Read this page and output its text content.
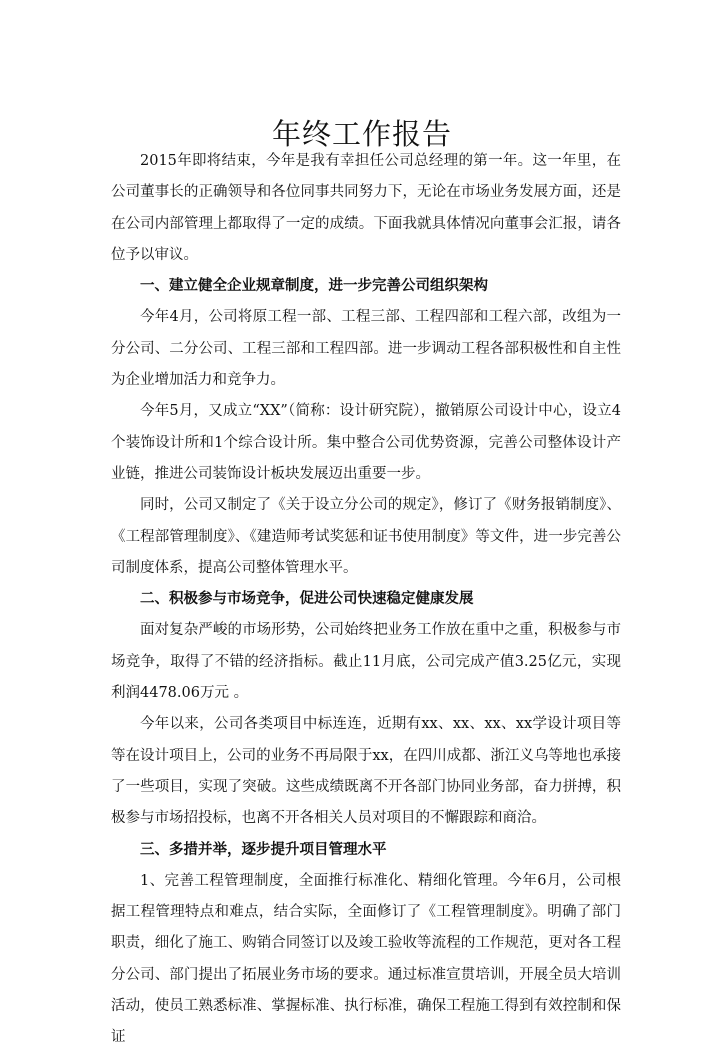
年终工作报告

2015年即将结束，今年是我有幸担任公司总经理的第一年。这一年里，在公司董事长的正确领导和各位同事共同努力下，无论在市场业务发展方面，还是在公司内部管理上都取得了一定的成绩。下面我就具体情况向董事会汇报，请各位予以审议。

一、建立健全企业规章制度，进一步完善公司组织架构

今年4月，公司将原工程一部、工程三部、工程四部和工程六部，改组为一分公司、二分公司、工程三部和工程四部。进一步调动工程各部积极性和自主性为企业增加活力和竞争力。

今年5月，又成立“XX”（简称：设计研究院），撤销原公司设计中心，设立4个装饰设计所和1个综合设计所。集中整合公司优势资源，完善公司整体设计产业链，推进公司装饰设计板块发展迈出重要一步。

同时，公司又制定了《关于设立分公司的规定》，修订了《财务报销制度》、《工程部管理制度》、《建造师考试奖惩和证书使用制度》等文件，进一步完善公司制度体系，提高公司整体管理水平。

二、积极参与市场竞争，促进公司快速稳定健康发展

面对复杂严峻的市场形势，公司始终把业务工作放在重中之重，积极参与市场竞争，取得了不错的经济指标。截止11月底，公司完成产值3.25亿元，实现利润4478.06万元 。

今年以来，公司各类项目中标连连，近期有xx、xx、xx、xx学设计项目等等在设计项目上，公司的业务不再局限于xx，在四川成都、浙江义乌等地也承接了一些项目，实现了突破。这些成绩既离不开各部门协同业务部，奋力拼搏，积极参与市场招投标，也离不开各相关人员对项目的不懈跟踪和商洽。

三、多措并举，逐步提升项目管理水平

1、完善工程管理制度，全面推行标准化、精细化管理。今年6月，公司根据工程管理特点和难点，结合实际，全面修订了《工程管理制度》。明确了部门职责，细化了施工、购销合同签订以及竣工验收等流程的工作规范，更对各工程分公司、部门提出了拓展业务市场的要求。通过标准宣贯培训，开展全员大培训活动，使员工熟悉标准、掌握标准、执行标准，确保工程施工得到有效控制和保证
